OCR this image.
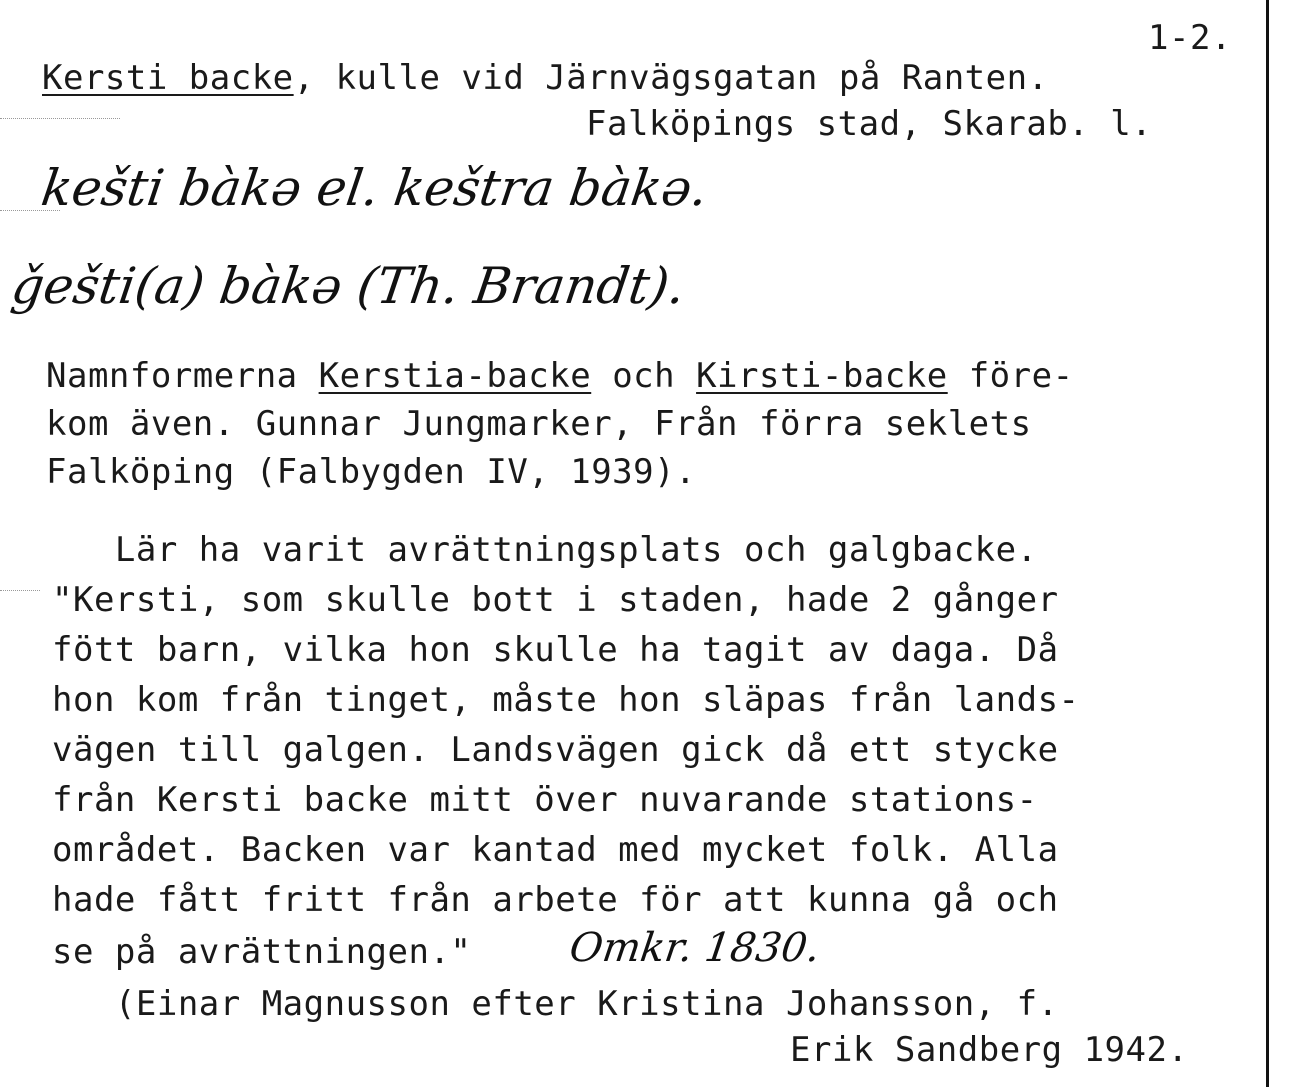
1-2.
Kersti backe, kulle vid Järnvägsgatan på Ranten.
Falköpings stad, Skarab. l.
kešti bàkə el. keštra bàkə.
ǧešti(a) bàkə (Th. Brandt).
Namnformerna Kerstia-backe och Kirsti-backe före-
kom även. Gunnar Jungmarker, Från förra seklets
Falköping (Falbygden IV, 1939).
Lär ha varit avrättningsplats och galgbacke.
"Kersti, som skulle bott i staden, hade 2 gånger
fött barn, vilka hon skulle ha tagit av daga. Då
hon kom från tinget, måste hon släpas från lands-
vägen till galgen. Landsvägen gick då ett stycke
från Kersti backe mitt över nuvarande stations-
området. Backen var kantad med mycket folk. Alla
hade fått fritt från arbete för att kunna gå och
se på avrättningen." Omkr. 1830.
(Einar Magnusson efter Kristina Johansson, f.
Erik Sandberg 1942.
